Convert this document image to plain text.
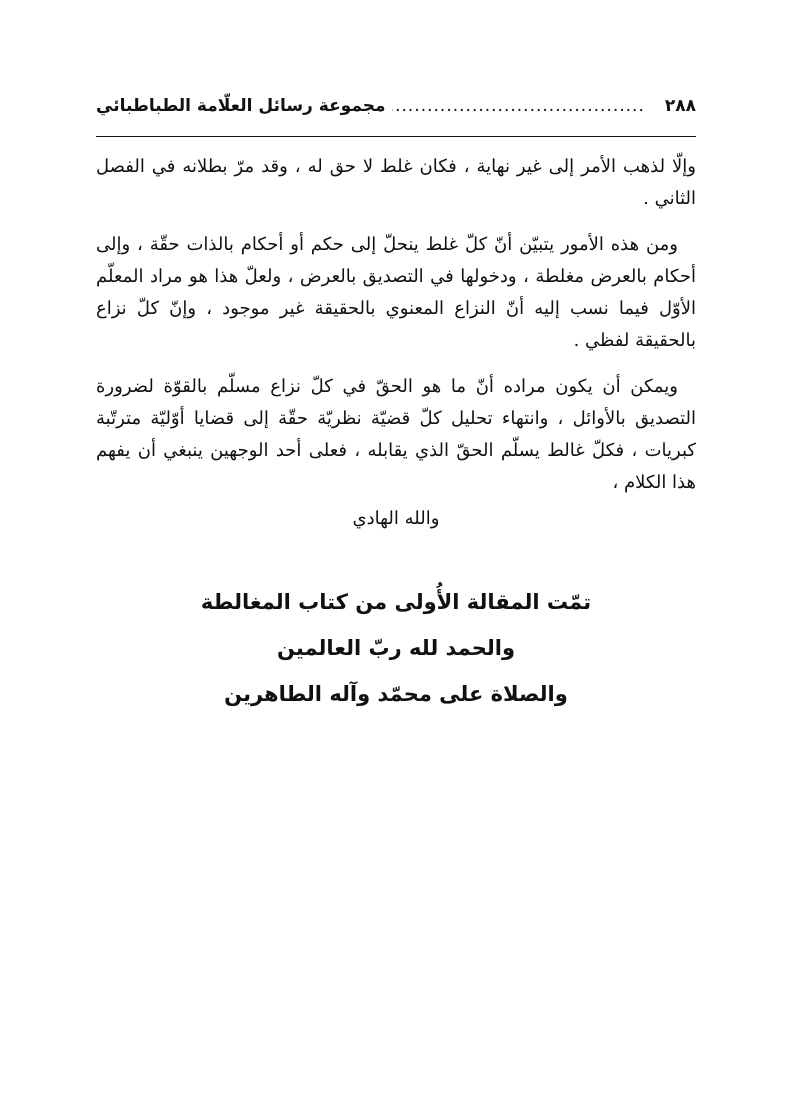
٢٨٨
.....
مجموعة رسائل العلّامة الطباطبائي

وإلّا لذهب الأمر إلى غير نهاية ، فكان غلط لا حق له ، وقد مرّ بطلانه في الفصل الثاني .

ومن هذه الأمور يتبيّن أنّ كلّ غلط ينحلّ إلى حكم أو أحكام بالذات حقّة ، وإلى أحكام بالعرض مغلطة ، ودخولها في التصديق بالعرض ، ولعلّ هذا هو مراد المعلّم الأوّل فيما نسب إليه أنّ النزاع المعنوي بالحقيقة غير موجود ، وإنّ كلّ نزاع بالحقيقة لفظي .

ويمكن أن يكون مراده أنّ ما هو الحقّ في كلّ نزاع مسلّم بالقوّة لضرورة التصديق بالأوائل ، وانتهاء تحليل كلّ قضيّة نظريّة حقّة إلى قضايا أوّليّة مترتّبة كبريات ، فكلّ غالط يسلّم الحقّ الذي يقابله ، فعلى أحد الوجهين ينبغي أن يفهم هذا الكلام ،

والله الهادي

تمّت المقالة الأُولى من كتاب المغالطة
والحمد لله ربّ العالمين
والصلاة على محمّد وآله الطاهرين
